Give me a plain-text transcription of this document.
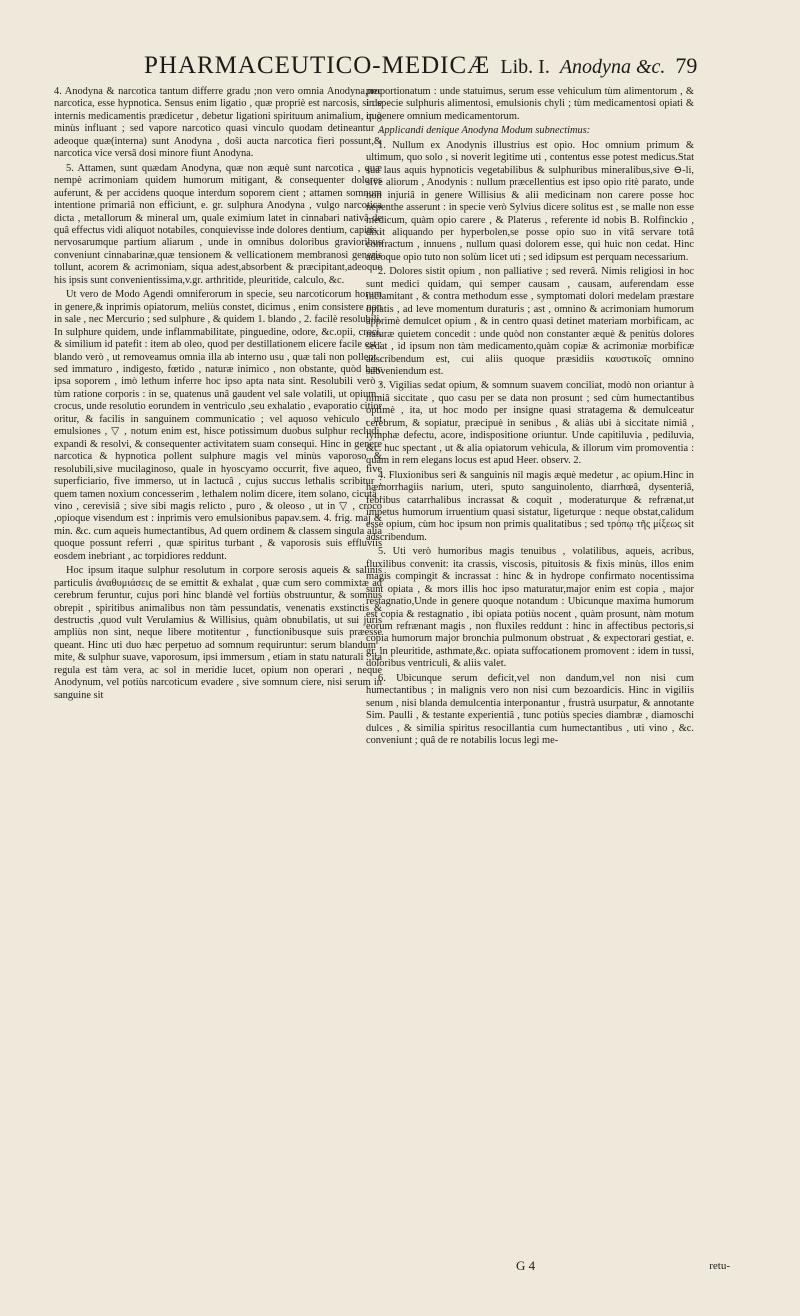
PHARMACEUTICO-MEDICÆ Lib. I. Anodyna &c. 79

4. Anodyna & narcotica tantum differre gradu ;non vero omnia Anodyna,nec narcotica, esse hypnotica. Sensus enim ligatio , quæ propriè est narcosis, si de internis medicamentis prædicetur , debetur ligationi spirituum animalium, quò minùs influant ; sed vapore narcotico quasi vinculo quodam detineantur , adeoque quæ(interna) sunt Anodyna , doŝi aucta narcotica fieri possunt,& narcotica vice versâ dosi minore fiunt Anodyna.

5. Attamen, sunt quædam Anodyna, quæ non æquè sunt narcotica , quæ nempè acrimoniam quidem humorum mitigant, & consequenter dolores auferunt, & per accidens quoque interdum soporem cient ; attamen somnum intentione primariâ non efficiunt, e. gr. sulphura Anodyna , vulgo narcotica dicta , metallorum & mineral um, quale eximium latet in cinnabari nativâ de quâ effectus vidi aliquot notabiles, conquievisse inde dolores dentium, capitis , nervosarumque partium aliarum , unde in omnibus doloribus gravioribus conveniunt cinnabarinæ,quæ tensionem & vellicationem membranosi generis tollunt, acorem & acrimoniam, siqua adest,absorbent & præcipitant,adeoque his ipsis sunt convenientissima,v.gr. arthritide, pleuritide, calculo, &c.

Ut vero de Modo Agendi omniferorum in specie, seu narcoticorum horum in genere,& inprimis opiatorum, meliùs constet, dicimus , enim consistere non in sale , nec Mercurio ; sed sulphure , & quidem 1. blando , 2. facilè resolubili. In sulphure quidem, unde inflammabilitate, pinguedine, odore, &c.opii, croci, & similium id patefit : item ab oleo, quod per destillationem elicere facile est : blando verò , ut removeamus omnia illa ab interno usu , quæ tali non pollent , sed immaturo , indigesto, fœtido , naturæ inimico , non obstante, quòd hæc ipsa soporem , imò lethum inferre hoc ipso apta nata sint. Resolubili verò , tùm ratione corporis : in se, quatenus unâ gaudent vel sale volatili, ut opium , crocus, unde resolutio eorundem in ventriculo ,seu exhalatio , evaporatio citior oritur, & facilis in sanguinem communicatio ; vel aquoso vehiculo , ut emulsiones , ▽ , notum enim est, hisce potissimum duobus sulphur recludi, expandi & resolvi, & consequenter activitatem suam consequi. Hinc in genere narcotica & hypnotica pollent sulphure magis vel minùs vaporoso & resolubili,sive mucilaginoso, quale in hyoscyamo occurrit, five aqueo, five superficiario, five immerso, ut in lactucâ , cujus succus lethalis scribitur ; quem tamen noxium concesserim , lethalem nolim dicere, item solano, cicutâ , vino , cerevisiâ ; sive sibi magis relicto , puro , & oleoso , ut in ▽ , croco ,opioque visendum est : inprimis vero emulsionibus papav.sem. 4. frig. maj & min. &c. cum aqueis humectantibus, Ad quem ordinem & classem singula alia quoque possunt referri , quæ spiritus turbant , & vaporosis suis effluviis eosdem inebriant , ac torpidiores reddunt.

Hoc ipsum itaque sulphur resolutum in corpore serosis aqueis & salinis particulis ἀναθυμιάσεις de se emittit & exhalat , quæ cum sero commixtæ ad cerebrum feruntur, cujus pori hinc blandè vel fortiùs obstruuntur, & somnus obrepit , spiritibus animalibus non tàm pessundatis, venenatis exstinctis & destructis ,quod vult Verulamius & Willisius, quàm obnubilatis, ut sui juris ampliùs non sint, neque libere motitentur , functionibusque suis præesse queant. Hinc uti duo hæc perpetuo ad somnum requiruntur: serum blandum , mite, & sulphur suave, vaporosum, ipsi immersum , etiam in statu naturali : ita regula est tàm vera, ac sol in meridie lucet, opium non operari , neque Anodynum, vel potiùs narcoticum evadere , sive somnum ciere, nisi serum in sanguine sit

proportionatum : unde statuimus, serum esse vehiculum tùm alimentorum , & in specie sulphuris alimentosi, emulsionis chyli ; tùm medicamentosi opiati & in genere omnium medicamentorum.

Applicandi denique Anodyna Modum subnectimus:

1. Nullum ex Anodynis illustrius est opio. Hoc omnium primum & ultimum, quo solo , si noverit legitime uti , contentus esse potest medicus.Stat sua laus aquis hypnoticis vegetabilibus & sulphuribus mineralibus,sive ⊖-li, sive aliorum , Anodynis : nullum præcellentius est ipso opio ritè parato, unde non injuriâ in genere Willisius & alii medicinam non carere posse hoc nepenthe asserunt : in specie verò Sylvius dicere solitus est , se malle non esse medicum, quàm opio carere , & Platerus , referente id nobis B. Rolfinckio , dixit aliquando per hyperbolen,se posse opio suo in vitâ servare totâ confractum , innuens , nullum quasi dolorem esse, qui huic non cedat. Hinc adeoque opio tuto non solùm licet uti ; sed idipsum est perquam necessarium.

2. Dolores sistit opium , non palliative ; sed reverâ. Nimis religiosi in hoc sunt medici quidam, qui semper causam , causam, auferendam esse inclamitant , & contra methodum esse , symptomati dolori medelam præstare opiatis , ad leve momentum duraturis ; ast , omnino & acrimoniam humorum apprimè demulcet opium , & in centro quasi detinet materiam morbificam, ac naturæ quietem concedit : unde quòd non constanter æquè & penitùs dolores sedat , id ipsum non tàm medicamento,quàm copiæ & acrimoniæ morbificæ adscribendum est, cui aliis quoque præsidiis καυστικοῖς omnino subveniendum est.

3. Vigilias sedat opium, & somnum suavem conciliat, modò non oriantur à nimiâ siccitate , quo casu per se data non prosunt ; sed cùm humectantibus optimè , ita, ut hoc modo per insigne quasi stratagema & demulceatur cerebrum, & sopiatur, præcipuè in senibus , & aliàs ubi à siccitate nimiâ , lymphæ defectu, acore, indispositione oriuntur. Unde capitiluvia , pediluvia, &c. huc spectant , ut & alia opiatorum vehicula, & illorum vim promoventia : quam in rem elegans locus est apud Heer. observ. 2.

4. Fluxionibus seri & sanguinis nil magis æquè medetur , ac opium.Hinc in hæmorrhagiis narium, uteri, sputo sanguinolento, diarrhœâ, dysenteriâ, febribus catarrhalibus incrassat & coquit , moderaturque & refrænat,ut impetus humorum irruentium quasi sistatur, ligeturque : neque obstat,calidum esse opium, cùm hoc ipsum non primis qualitatibus ; sed τρόπῳ τῆς μίξεως sit adscribendum.

5. Uti verò humoribus magis tenuibus , volatilibus, aqueis, acribus, fluxilibus convenit: ita crassis, viscosis, pituitosis & fixis minùs, illos enim magis compingit & incrassat : hinc & in hydrope confirmato nocentissima sunt opiata , & mors illis hoc ipso maturatur,major enim est copia , major restagnatio,Unde in genere quoque notandum : Ubicunque maxima humorum est copia & restagnatio , ibi opiata potiùs nocent , quàm prosunt, nàm motum eorum refrænant magis , non fluxiles reddunt : hinc in affectibus pectoris,si copia humorum major bronchia pulmonum obstruat , & expectorari gestiat, e. gr. in pleuritide, asthmate,&c. opiata suffocationem promovent : idem in tussi, doloribus ventriculi, & aliis valet.

6. Ubicunque serum deficit,vel non dandum,vel non nisi cum humectantibus ; in malignis vero non nisi cum bezoardicis. Hinc in vigiliis senum , nisi blanda demulcentia interponantur , frustrà usurpatur, & annotante Sim. Paulli , & testante experientiâ , tunc potiùs species diambræ , diamoschi dulces , & similia spiritus resocillantia cum humectantibus , uti vino , &c. conveniunt ; quâ de re notabilis locus legi me-

G 4	retu-
